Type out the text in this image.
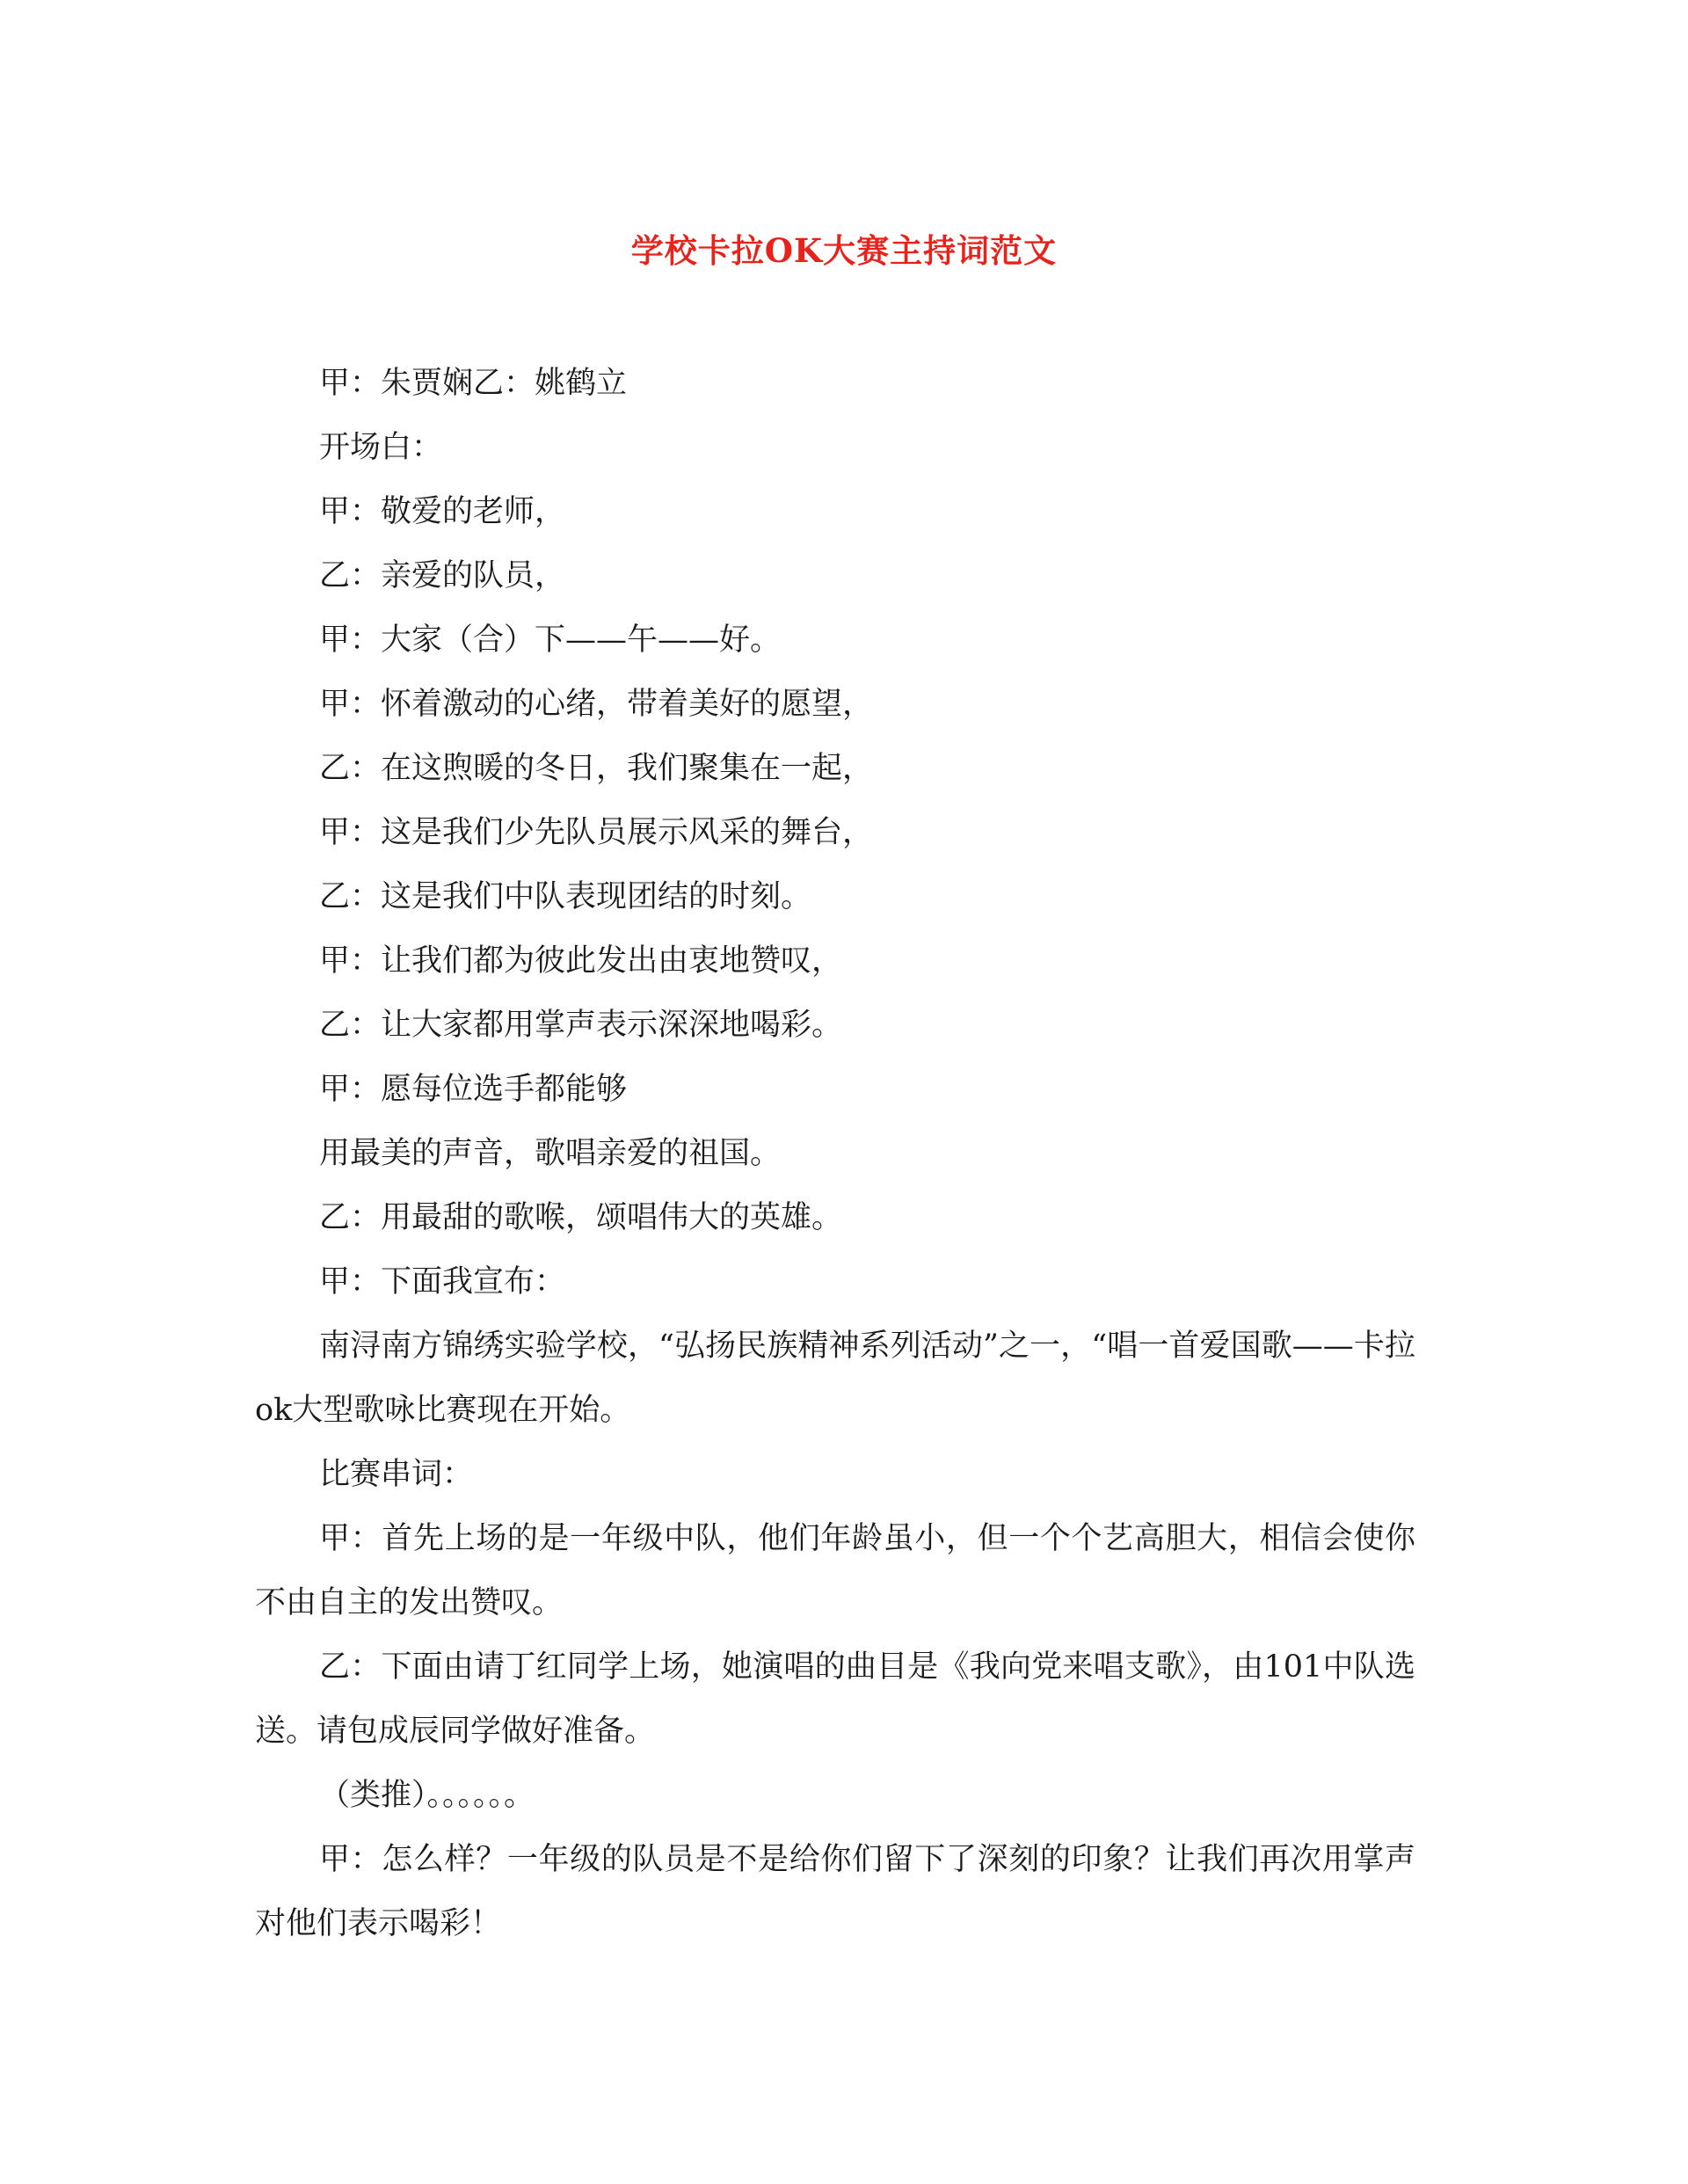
学校卡拉OK大赛主持词范文

甲：朱贾娴乙：姚鹤立

开场白：

甲：敬爱的老师，

乙：亲爱的队员，

甲：大家（合）下——午——好。

甲：怀着激动的心绪，带着美好的愿望，

乙：在这煦暖的冬日，我们聚集在一起，

甲：这是我们少先队员展示风采的舞台，

乙：这是我们中队表现团结的时刻。

甲：让我们都为彼此发出由衷地赞叹，

乙：让大家都用掌声表示深深地喝彩。

甲：愿每位选手都能够

用最美的声音，歌唱亲爱的祖国。

乙：用最甜的歌喉，颂唱伟大的英雄。

甲：下面我宣布：

南浔南方锦绣实验学校，“弘扬民族精神系列活动”之一，“唱一首爱国歌——卡拉ok大型歌咏比赛现在开始。

比赛串词：

甲：首先上场的是一年级中队，他们年龄虽小，但一个个艺高胆大，相信会使你不由自主的发出赞叹。

乙：下面由请丁红同学上场，她演唱的曲目是《我向党来唱支歌》，由101中队选送。请包成辰同学做好准备。

（类推）。。。。。。

甲：怎么样？一年级的队员是不是给你们留下了深刻的印象？让我们再次用掌声对他们表示喝彩！
